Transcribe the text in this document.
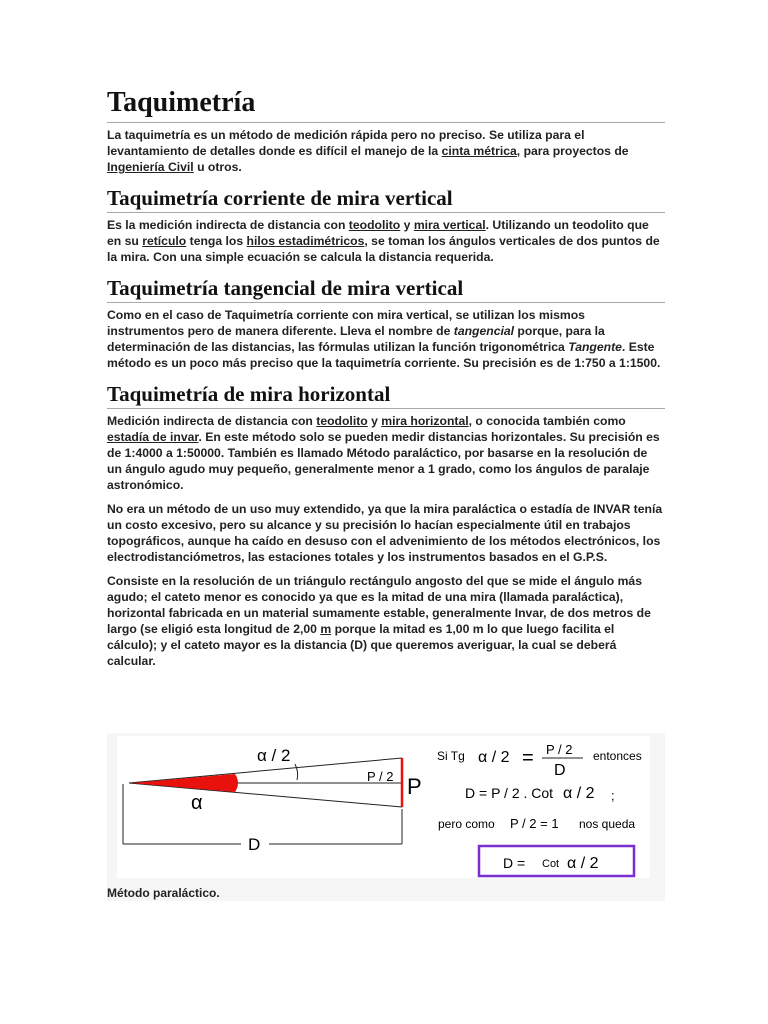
Taquimetría

La taquimetría es un método de medición rápida pero no preciso. Se utiliza para el levantamiento de detalles donde es difícil el manejo de la cinta métrica, para proyectos de Ingeniería Civil u otros.

Taquimetría corriente de mira vertical

Es la medición indirecta de distancia con teodolito y mira vertical. Utilizando un teodolito que en su retículo tenga los hilos estadimétricos, se toman los ángulos verticales de dos puntos de la mira. Con una simple ecuación se calcula la distancia requerida.

Taquimetría tangencial de mira vertical

Como en el caso de Taquimetría corriente con mira vertical, se utilizan los mismos instrumentos pero de manera diferente. Lleva el nombre de tangencial porque, para la determinación de las distancias, las fórmulas utilizan la función trigonométrica Tangente. Este método es un poco más preciso que la taquimetría corriente. Su precisión es de 1:750 a 1:1500.

Taquimetría de mira horizontal

Medición indirecta de distancia con teodolito y mira horizontal, o conocida también como estadía de invar. En este método solo se pueden medir distancias horizontales. Su precisión es de 1:4000 a 1:50000. También es llamado Método paraláctico, por basarse en la resolución de un ángulo agudo muy pequeño, generalmente menor a 1 grado, como los ángulos de paralaje astronómico.

No era un método de un uso muy extendido, ya que la mira paraláctica o estadía de INVAR tenía un costo excesivo, pero su alcance y su precisión lo hacían especialmente útil en trabajos topográficos, aunque ha caído en desuso con el advenimiento de los métodos electrónicos, los electrodistanciómetros, las estaciones totales y los instrumentos basados en el G.P.S.

Consiste en la resolución de un triángulo rectángulo angosto del que se mide el ángulo más agudo; el cateto menor es conocido ya que es la mitad de una mira (llamada paraláctica), horizontal fabricada en un material sumamente estable, generalmente Invar, de dos metros de largo (se eligió esta longitud de 2,00 m porque la mitad es 1,00 m lo que luego facilita el cálculo); y el cateto mayor es la distancia (D) que queremos averiguar, la cual se deberá calcular.

α / 2
P / 2 P
α
D
Si Tg α / 2 = P / 2
D
entonces
D = P / 2 . Cot α / 2 ;
pero como P / 2 = 1 nos queda
D = Cot α / 2
Método paraláctico.
